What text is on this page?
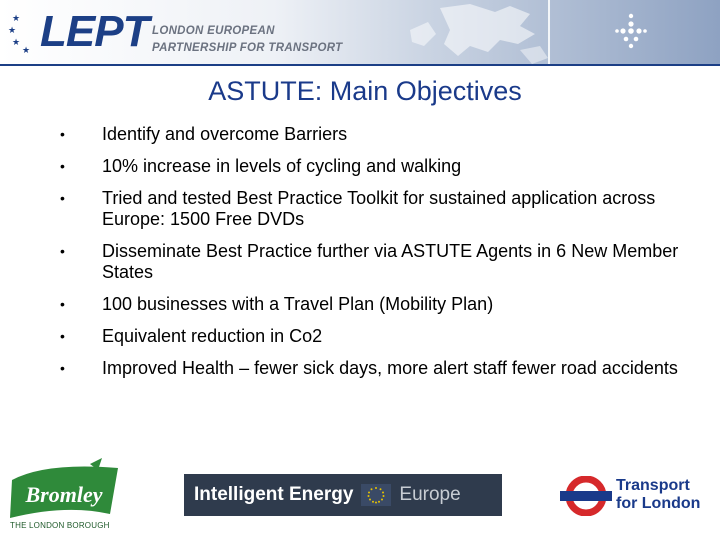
★
★
★
★ LEPT LONDON EUROPEAN
PARTNERSHIP FOR TRANSPORT
ASTUTE: Main Objectives
•	Identify and overcome Barriers
•	10% increase in levels of cycling and walking
•	Tried and tested Best Practice Toolkit for sustained application across Europe: 1500 Free DVDs
•	Disseminate Best Practice further via ASTUTE Agents in 6 New Member States
•	100 businesses with a Travel Plan (Mobility Plan)
•	Equivalent reduction in Co2
•	Improved Health – fewer sick days, more alert staff fewer road accidents
Bromley
THE LONDON BOROUGH
Intelligent Energy Europe	Transport
for London
